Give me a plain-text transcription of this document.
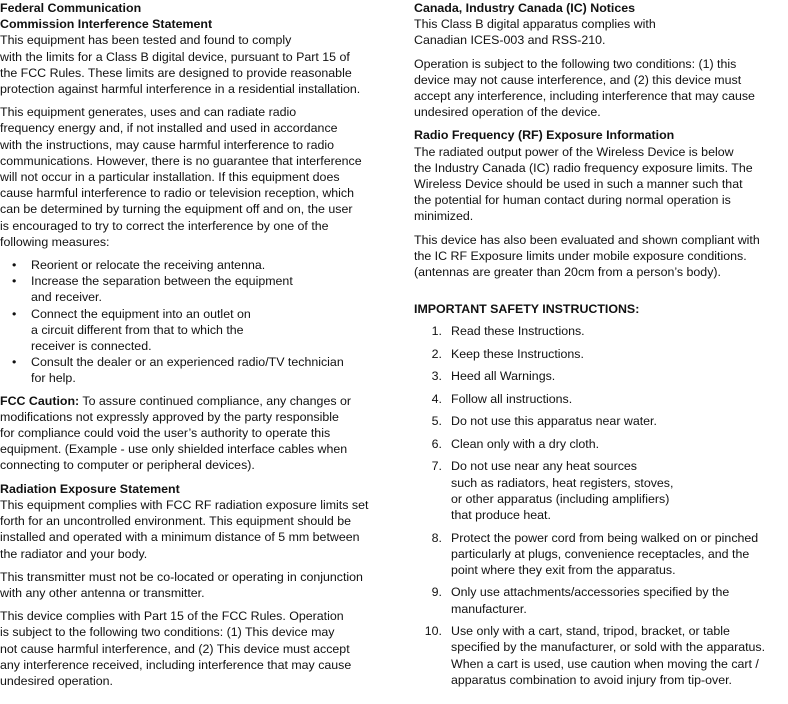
Federal Communication
Commission Interference Statement

This equipment has been tested and found to comply
with the limits for a Class B digital device, pursuant to Part 15 of
the FCC Rules. These limits are designed to provide reasonable
protection against harmful interference in a residential installation.

This equipment generates, uses and can radiate radio
frequency energy and, if not installed and used in accordance
with the instructions, may cause harmful interference to radio
communications. However, there is no guarantee that interference
will not occur in a particular installation. If this equipment does
cause harmful interference to radio or television reception, which
can be determined by turning the equipment off and on, the user
is encouraged to try to correct the interference by one of the
following measures:

• Reorient or relocate the receiving antenna.
• Increase the separation between the equipment
and receiver.
• Connect the equipment into an outlet on
a circuit different from that to which the
receiver is connected.
• Consult the dealer or an experienced radio/TV technician
for help.

FCC Caution: To assure continued compliance, any changes or
modifications not expressly approved by the party responsible
for compliance could void the user’s authority to operate this
equipment. (Example - use only shielded interface cables when
connecting to computer or peripheral devices).

Radiation Exposure Statement

This equipment complies with FCC RF radiation exposure limits set
forth for an uncontrolled environment. This equipment should be
installed and operated with a minimum distance of 5 mm between
the radiator and your body.

This transmitter must not be co-located or operating in conjunction
with any other antenna or transmitter.

This device complies with Part 15 of the FCC Rules. Operation
is subject to the following two conditions: (1) This device may
not cause harmful interference, and (2) This device must accept
any interference received, including interference that may cause
undesired operation.

Canada, Industry Canada (IC) Notices

This Class B digital apparatus complies with
Canadian ICES-003 and RSS-210.

Operation is subject to the following two conditions: (1) this
device may not cause interference, and (2) this device must
accept any interference, including interference that may cause
undesired operation of the device.

Radio Frequency (RF) Exposure Information

The radiated output power of the Wireless Device is below
the Industry Canada (IC) radio frequency exposure limits. The
Wireless Device should be used in such a manner such that
the potential for human contact during normal operation is
minimized.

This device has also been evaluated and shown compliant with
the IC RF Exposure limits under mobile exposure conditions.
(antennas are greater than 20cm from a person’s body).

IMPORTANT SAFETY INSTRUCTIONS:
1. Read these Instructions.
2. Keep these Instructions.
3. Heed all Warnings.
4. Follow all instructions.
5. Do not use this apparatus near water.
6. Clean only with a dry cloth.
7. Do not use near any heat sources
such as radiators, heat registers, stoves,
or other apparatus (including amplifiers)
that produce heat.
8. Protect the power cord from being walked on or pinched
particularly at plugs, convenience receptacles, and the
point where they exit from the apparatus.
9. Only use attachments/accessories specified by the
manufacturer.
10. Use only with a cart, stand, tripod, bracket, or table
specified by the manufacturer, or sold with the apparatus.
When a cart is used, use caution when moving the cart /
apparatus combination to avoid injury from tip-over.
